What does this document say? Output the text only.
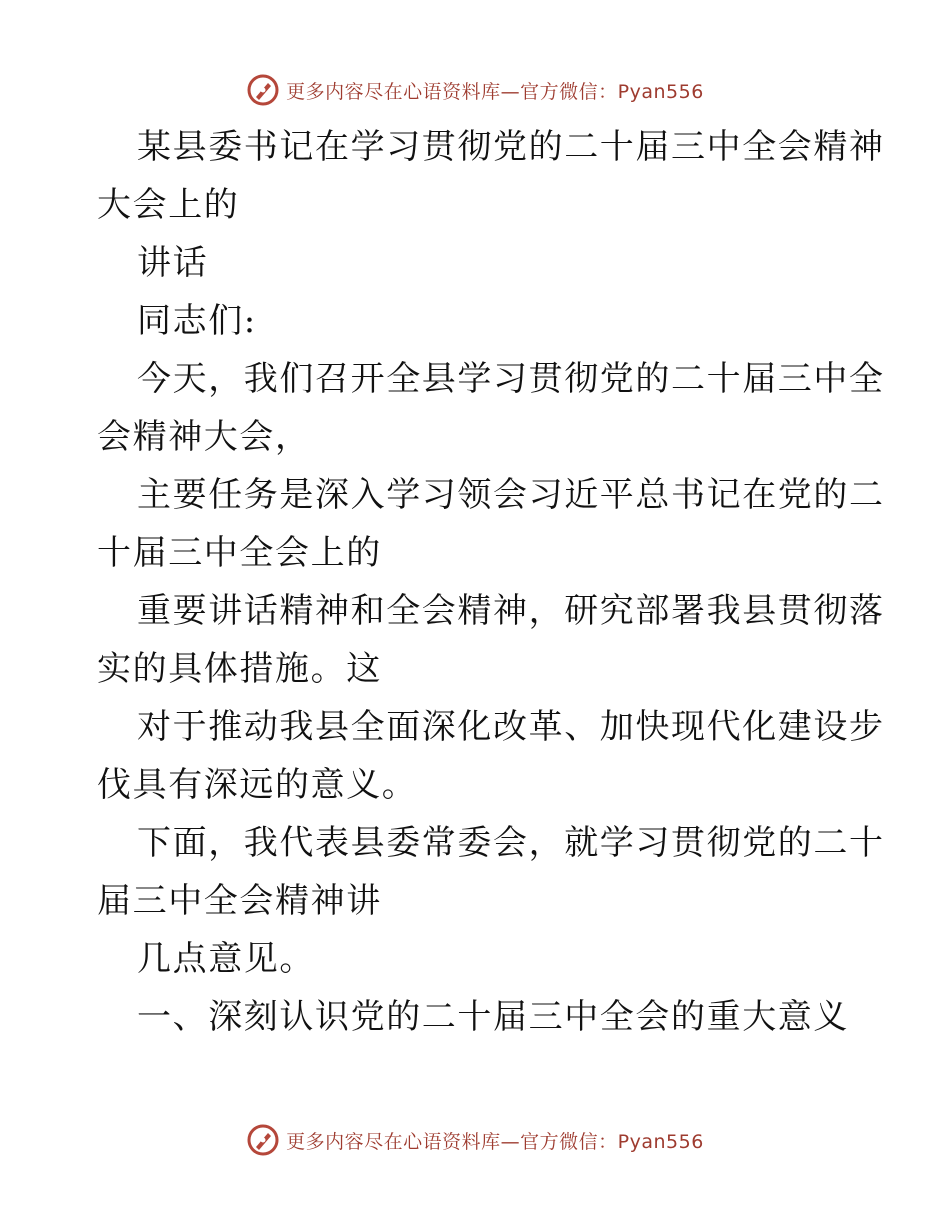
更多内容尽在心语资料库—官方微信：Pyan556
某县委书记在学习贯彻党的二十届三中全会精神
大会上的
讲话
同志们:
今天，我们召开全县学习贯彻党的二十届三中全
会精神大会，
主要任务是深入学习领会习近平总书记在党的二
十届三中全会上的
重要讲话精神和全会精神，研究部署我县贯彻落
实的具体措施。这
对于推动我县全面深化改革、加快现代化建设步
伐具有深远的意义。
下面，我代表县委常委会，就学习贯彻党的二十
届三中全会精神讲
几点意见。
一、深刻认识党的二十届三中全会的重大意义
更多内容尽在心语资料库—官方微信：Pyan556
